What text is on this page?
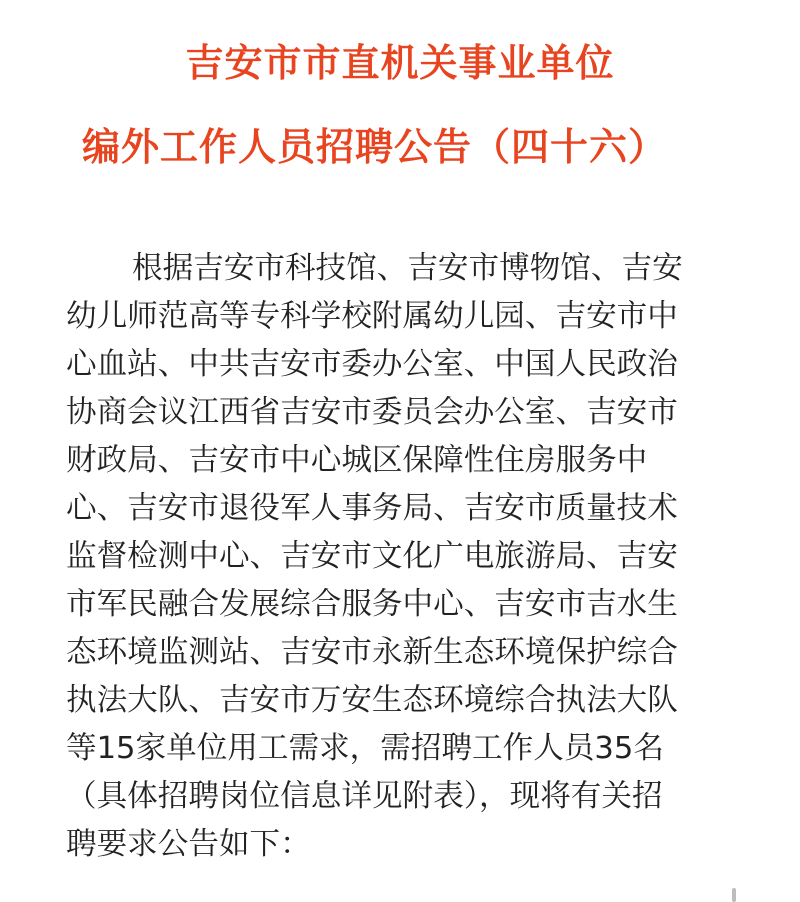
吉安市市直机关事业单位
编外工作人员招聘公告（四十六）
根据吉安市科技馆、吉安市博物馆、吉安
幼儿师范高等专科学校附属幼儿园、吉安市中
心血站、中共吉安市委办公室、中国人民政治
协商会议江西省吉安市委员会办公室、吉安市
财政局、吉安市中心城区保障性住房服务中
心、吉安市退役军人事务局、吉安市质量技术
监督检测中心、吉安市文化广电旅游局、吉安
市军民融合发展综合服务中心、吉安市吉水生
态环境监测站、吉安市永新生态环境保护综合
执法大队、吉安市万安生态环境综合执法大队
等15家单位用工需求，需招聘工作人员35名
（具体招聘岗位信息详见附表），现将有关招
聘要求公告如下：
